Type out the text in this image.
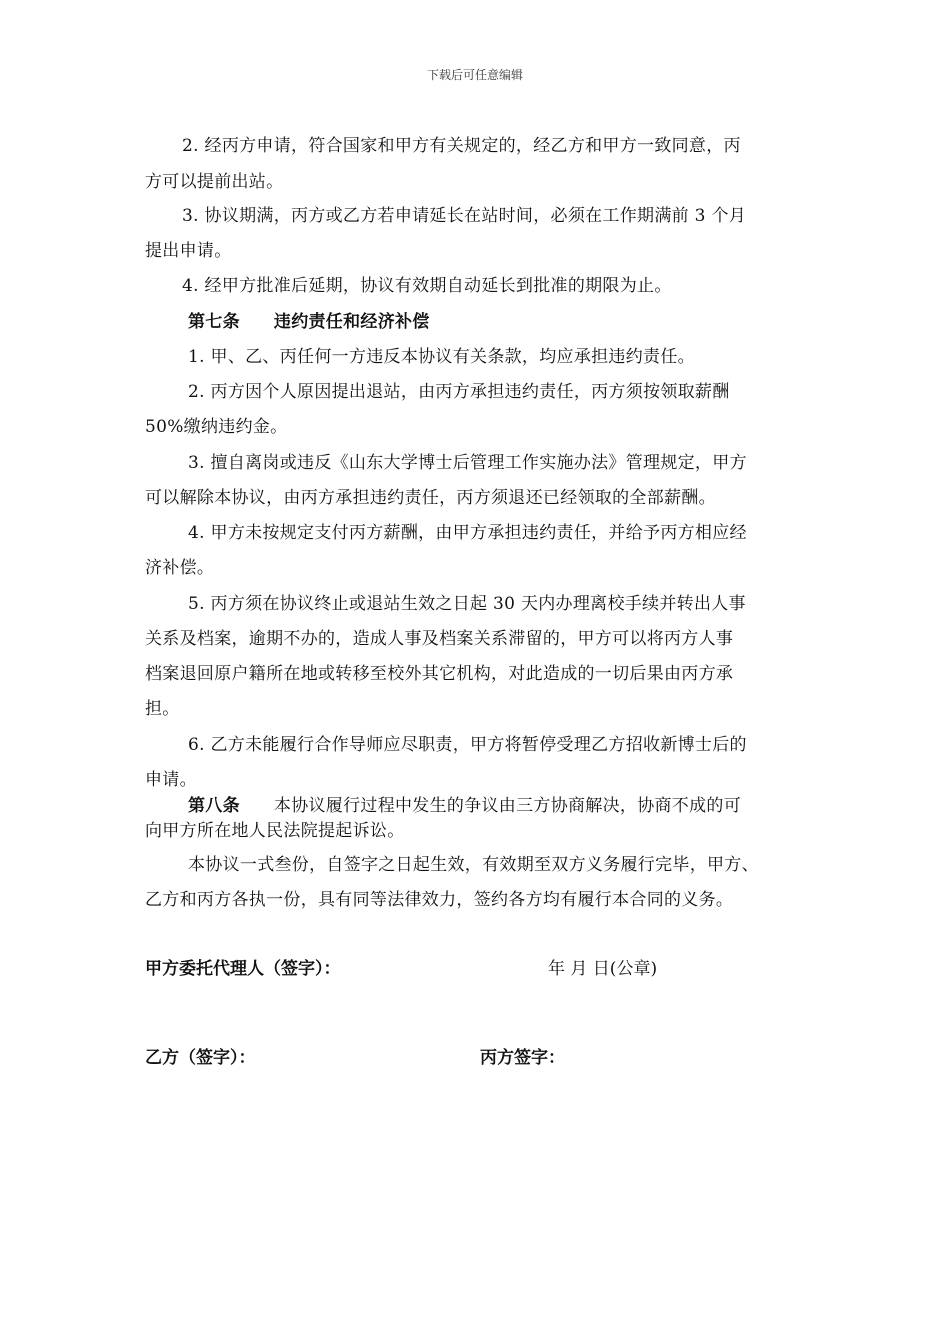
下载后可任意编辑
2. 经丙方申请，符合国家和甲方有关规定的，经乙方和甲方一致同意，丙
方可以提前出站。
3. 协议期满，丙方或乙方若申请延长在站时间，必须在工作期满前 3 个月
提出申请。
4. 经甲方批准后延期，协议有效期自动延长到批准的期限为止。
第七条 违约责任和经济补偿
1. 甲、乙、丙任何一方违反本协议有关条款，均应承担违约责任。
2. 丙方因个人原因提出退站，由丙方承担违约责任，丙方须按领取薪酬
50%缴纳违约金。
3. 擅自离岗或违反《山东大学博士后管理工作实施办法》管理规定，甲方
可以解除本协议，由丙方承担违约责任，丙方须退还已经领取的全部薪酬。
4. 甲方未按规定支付丙方薪酬，由甲方承担违约责任，并给予丙方相应经
济补偿。
5. 丙方须在协议终止或退站生效之日起 30 天内办理离校手续并转出人事
关系及档案，逾期不办的，造成人事及档案关系滞留的，甲方可以将丙方人事
档案退回原户籍所在地或转移至校外其它机构，对此造成的一切后果由丙方承
担。
6. 乙方未能履行合作导师应尽职责，甲方将暂停受理乙方招收新博士后的
申请。
第八条 本协议履行过程中发生的争议由三方协商解决，协商不成的可
向甲方所在地人民法院提起诉讼。
本协议一式叁份，自签字之日起生效，有效期至双方义务履行完毕，甲方、
乙方和丙方各执一份，具有同等法律效力，签约各方均有履行本合同的义务。
甲方委托代理人（签字）：	年 月 日(公章)
乙方（签字）：	丙方签字：
